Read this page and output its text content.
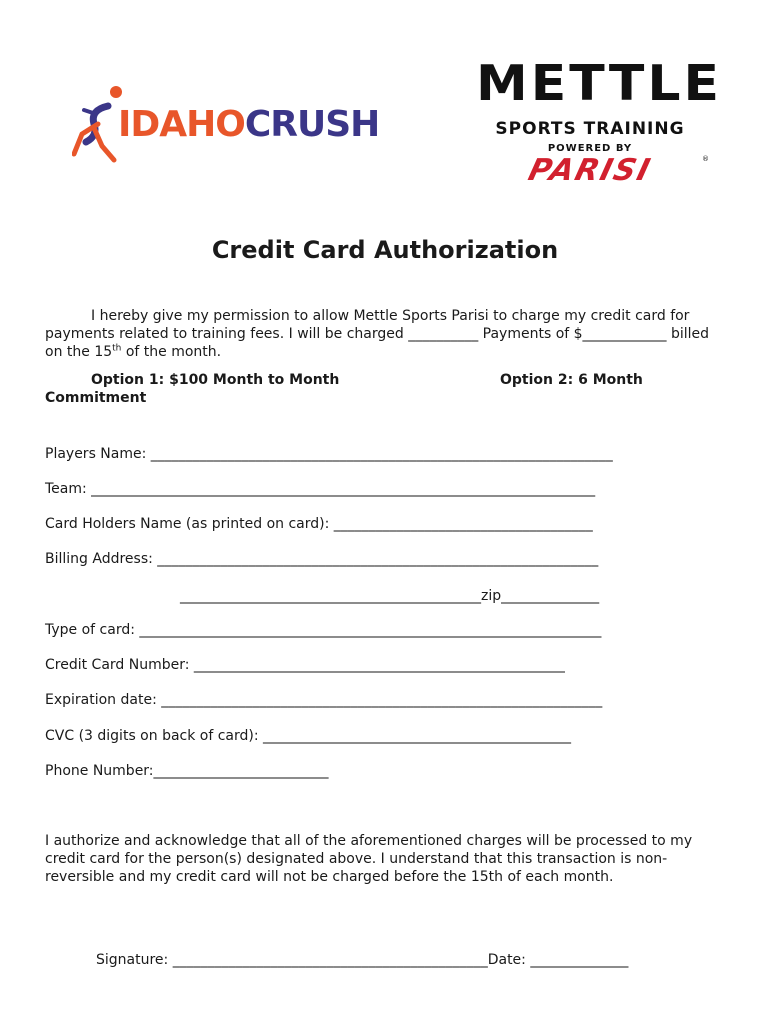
IDAHOCRUSH
METTLE
SPORTS TRAINING
POWERED BY
PARISI	®
Credit Card Authorization
I hereby give my permission to allow Mettle Sports Parisi to charge my credit card for
payments related to training fees. I will be charged __________ Payments of $____________ billed
on the 15th of the month.
Option 1: $100 Month to Month
Commitment
Option 2: 6 Month
Players Name: __________________________________________________________________
Team: ________________________________________________________________________
Card Holders Name (as printed on card): _____________________________________
Billing Address: _______________________________________________________________
___________________________________________zip______________
Type of card: __________________________________________________________________
Credit Card Number: _____________________________________________________
Expiration date: _______________________________________________________________
CVC (3 digits on back of card): ____________________________________________
Phone Number:_________________________
I authorize and acknowledge that all of the aforementioned charges will be processed to my
credit card for the person(s) designated above. I understand that this transaction is non-
reversible and my credit card will not be charged before the 15th of each month.
Signature: _____________________________________________Date: ______________
